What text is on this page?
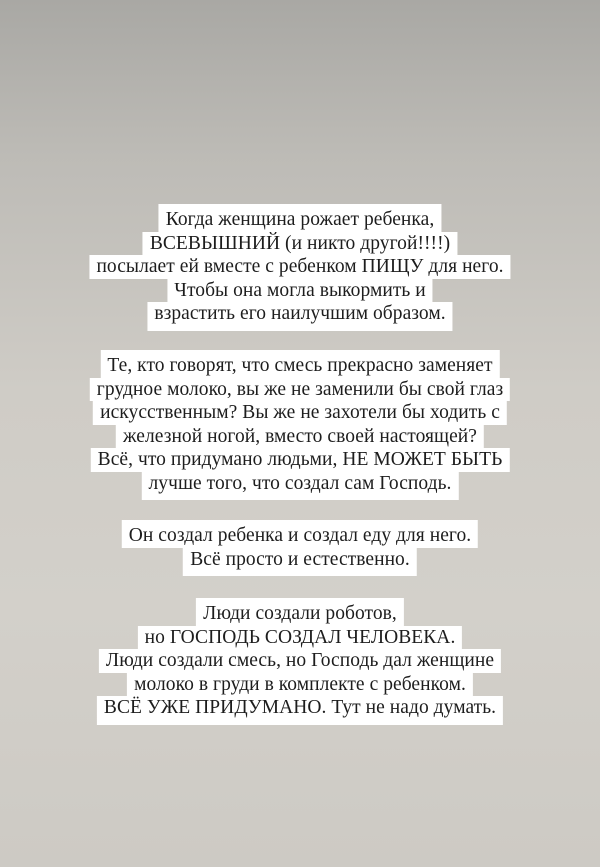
Когда женщина рожает ребенка,
ВСЕВЫШНИЙ (и никто другой!!!!)
посылает ей вместе с ребенком ПИЩУ для него.
Чтобы она могла выкормить и
взрастить его наилучшим образом.
Те, кто говорят, что смесь прекрасно заменяет
грудное молоко, вы же не заменили бы свой глаз
искусственным? Вы же не захотели бы ходить с
железной ногой, вместо своей настоящей?
Всё, что придумано людьми, НЕ МОЖЕТ БЫТЬ
лучше того, что создал сам Господь.
Он создал ребенка и создал еду для него.
Всё просто и естественно.
Люди создали роботов,
но ГОСПОДЬ СОЗДАЛ ЧЕЛОВЕКА.
Люди создали смесь, но Господь дал женщине
молоко в груди в комплекте с ребенком.
ВСЁ УЖЕ ПРИДУМАНО. Тут не надо думать.
